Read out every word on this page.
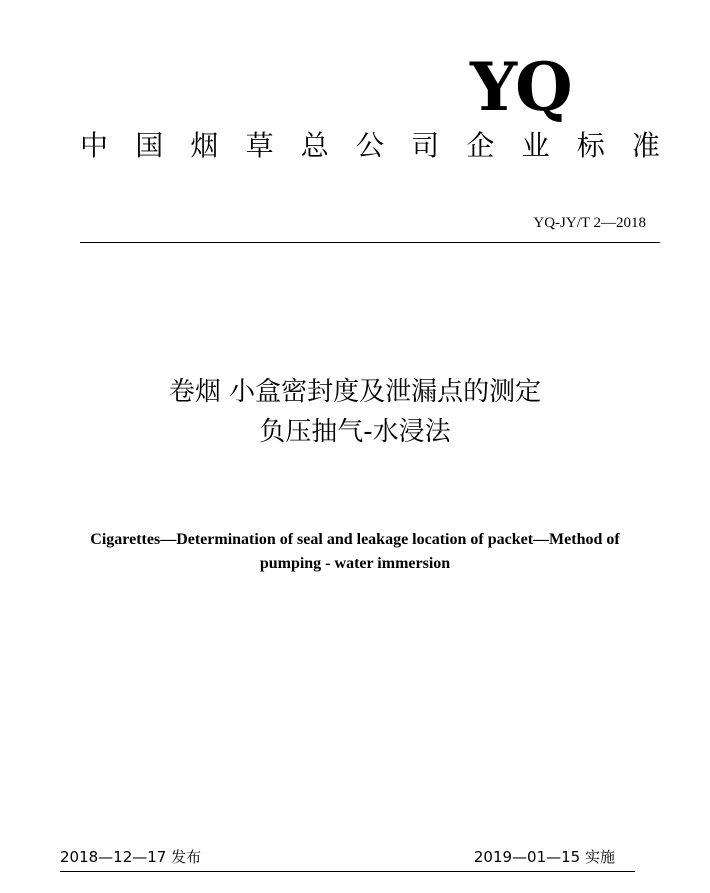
YQ
中 国 烟 草 总 公 司 企 业 标 准
YQ-JY/T 2—2018
卷烟 小盒密封度及泄漏点的测定
负压抽气-水浸法
Cigarettes—Determination of seal and leakage location of packet—Method of
pumping - water immersion
2018—12—17 发布	2019—01—15 实施
